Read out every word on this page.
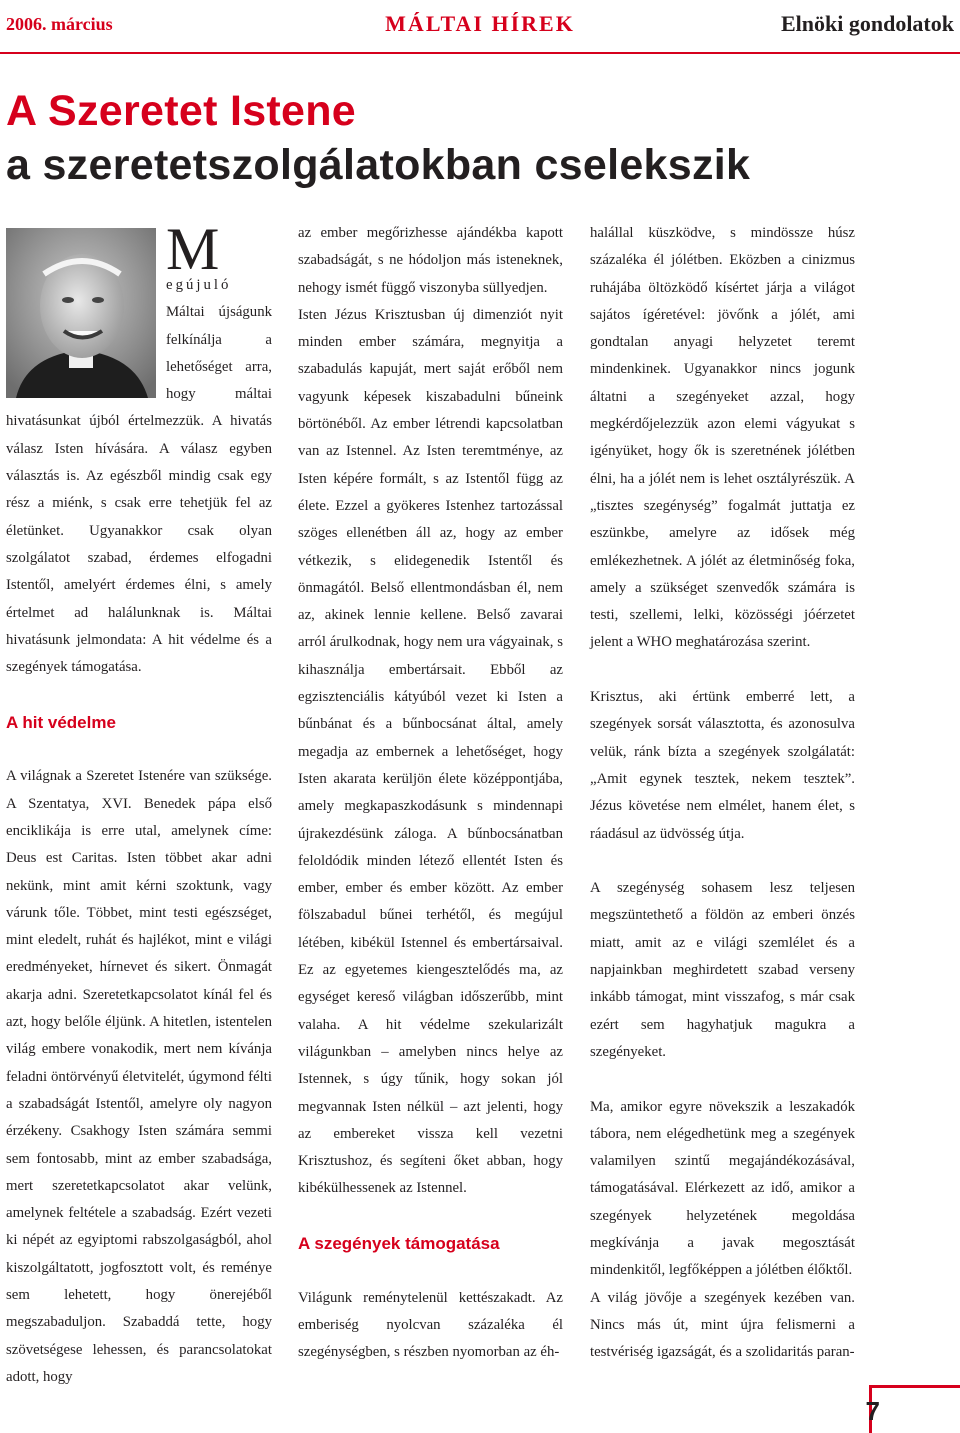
2006. március	MÁLTAI HÍREK	Elnöki gondolatok
A Szeretet Istene
a szeretetszolgálatokban cselekszik

M
egújuló Máltai újságunk felkínálja a lehetőséget arra, hogy máltai hivatásunkat újból értelmezzük. A hivatás válasz Isten hívására. A válasz egyben választás is. Az egészből mindig csak egy rész a miénk, s csak erre tehetjük fel az életünket. Ugyanakkor csak olyan szolgálatot szabad, érdemes elfogadni Istentől, amelyért érdemes élni, s amely értelmet ad halálunknak is. Máltai hivatásunk jelmondata: A hit védelme és a szegények támogatása.

A hit védelme

A világnak a Szeretet Istenére van szüksége. A Szentatya, XVI. Benedek pápa első enciklikája is erre utal, amelynek címe: Deus est Caritas. Isten többet akar adni nekünk, mint amit kérni szoktunk, vagy várunk tőle. Többet, mint testi egészséget, mint eledelt, ruhát és hajlékot, mint e világi eredményeket, hírnevet és sikert. Önmagát akarja adni. Szeretetkapcsolatot kínál fel és azt, hogy belőle éljünk. A hitetlen, istentelen világ embere vonakodik, mert nem kívánja feladni öntörvényű életvitelét, úgymond félti a szabadságát Istentől, amelyre oly nagyon érzékeny. Csakhogy Isten számára semmi sem fontosabb, mint az ember szabadsága, mert szeretetkapcsolatot akar velünk, amelynek feltétele a szabadság. Ezért vezeti ki népét az egyiptomi rabszolgaságból, ahol kiszolgáltatott, jogfosztott volt, és reménye sem lehetett, hogy önerejéből megszabaduljon. Szabaddá tette, hogy szövetségese lehessen, és parancsolatokat adott, hogy

az ember megőrizhesse ajándékba kapott szabadságát, s ne hódoljon más isteneknek, nehogy ismét függő viszonyba süllyedjen.

Isten Jézus Krisztusban új dimenziót nyit minden ember számára, megnyitja a szabadulás kapuját, mert saját erőből nem vagyunk képesek kiszabadulni bűneink börtönéből. Az ember létrendi kapcsolatban van az Istennel. Az Isten teremtménye, az Isten képére formált, s az Istentől függ az élete. Ezzel a gyökeres Istenhez tartozással szöges ellenétben áll az, hogy az ember vétkezik, s elidegenedik Istentől és önmagától. Belső ellentmondásban él, nem az, akinek lennie kellene. Belső zavarai arról árulkodnak, hogy nem ura vágyainak, s kihasználja embertársait. Ebből az egzisztenciális kátyúból vezet ki Isten a bűnbánat és a bűnbocsánat által, amely megadja az embernek a lehetőséget, hogy Isten akarata kerüljön élete középpontjába, amely megkapaszkodásunk s mindennapi újrakezdésünk záloga. A bűnbocsánatban feloldódik minden létező ellentét Isten és ember, ember és ember között. Az ember fölszabadul bűnei terhétől, és megújul létében, kibékül Istennel és embertársaival. Ez az egyetemes kiengesztelődés ma, az egységet kereső világban időszerűbb, mint valaha. A hit védelme szekularizált világunkban – amelyben nincs helye az Istennek, s úgy tűnik, hogy sokan jól megvannak Isten nélkül – azt jelenti, hogy az embereket vissza kell vezetni Krisztushoz, és segíteni őket abban, hogy kibékülhessenek az Istennel.

A szegények támogatása

Világunk reménytelenül kettészakadt. Az emberiség nyolcvan százaléka él szegénységben, s részben nyomorban az éh-

halállal küszködve, s mindössze húsz százaléka él jólétben. Eközben a cinizmus ruhájába öltözködő kísértet járja a világot sajátos ígéretével: jövőnk a jólét, ami gondtalan anyagi helyzetet teremt mindenkinek. Ugyanakkor nincs jogunk áltatni a szegényeket azzal, hogy megkérdőjelezzük azon elemi vágyukat s igényüket, hogy ők is szeretnének jólétben élni, ha a jólét nem is lehet osztályrészük. A „tisztes szegénység” fogalmát juttatja ez eszünkbe, amelyre az idősek még emlékezhetnek. A jólét az életminőség foka, amely a szükséget szenvedők számára is testi, szellemi, lelki, közösségi jóérzetet jelent a WHO meghatározása szerint.

Krisztus, aki értünk emberré lett, a szegények sorsát választotta, és azonosulva velük, ránk bízta a szegények szolgálatát: „Amit egynek tesztek, nekem tesztek”. Jézus követése nem elmélet, hanem élet, s ráadásul az üdvösség útja.

A szegénység sohasem lesz teljesen megszüntethető a földön az emberi önzés miatt, amit az e világi szemlélet és a napjainkban meghirdetett szabad verseny inkább támogat, mint visszafog, s már csak ezért sem hagyhatjuk magukra a szegényeket.

Ma, amikor egyre növekszik a leszakadók tábora, nem elégedhetünk meg a szegények valamilyen szintű megajándékozásával, támogatásával. Elérkezett az idő, amikor a szegények helyzetének megoldása megkívánja a javak megosztását mindenkitől, legfőképpen a jólétben élőktől.

A világ jövője a szegények kezében van. Nincs más út, mint újra felismerni a testvériség igazságát, és a szolidaritás paran-

7
